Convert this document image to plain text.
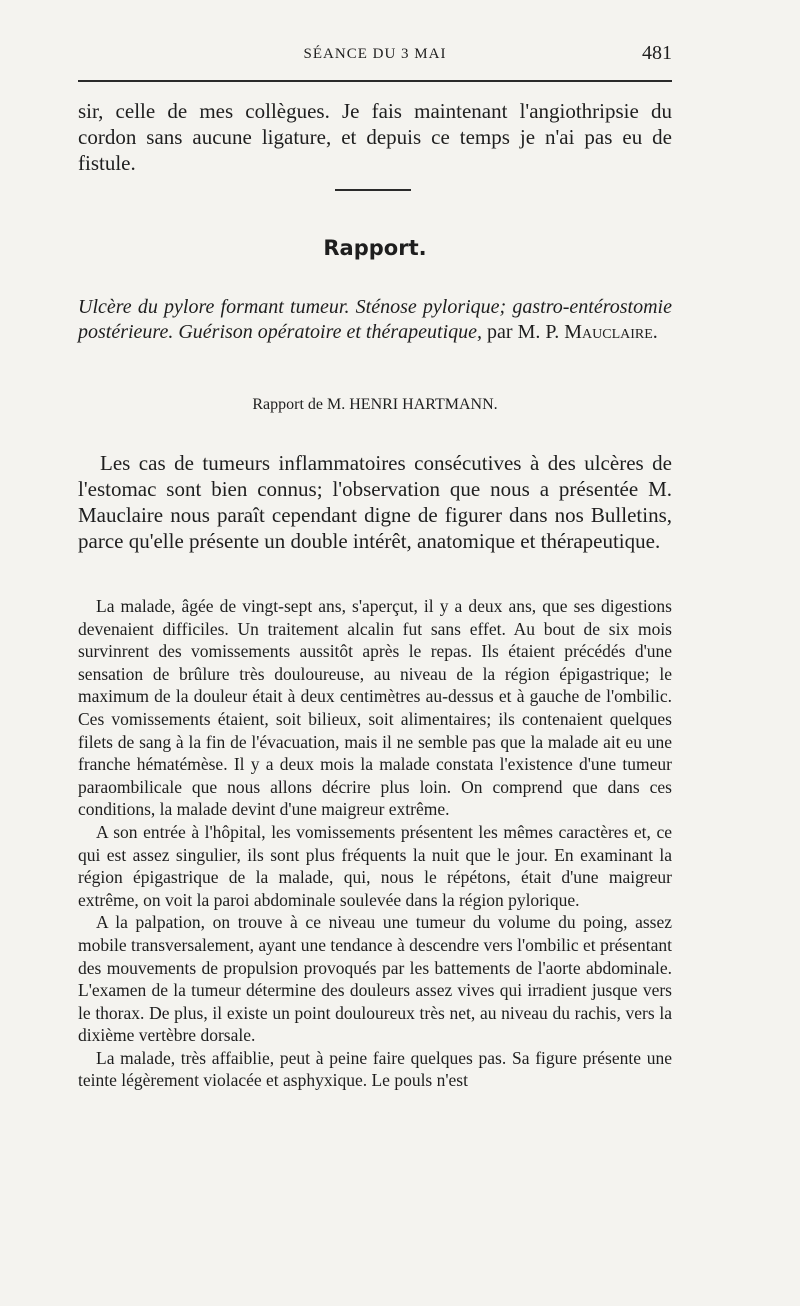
SÉANCE DU 3 MAI	481

sir, celle de mes collègues. Je fais maintenant l'angiothripsie du cordon sans aucune ligature, et depuis ce temps je n'ai pas eu de fistule.

Rapport.
Ulcère du pylore formant tumeur. Sténose pylorique; gastro-entérostomie postérieure. Guérison opératoire et thérapeutique, par M. P. Mauclaire.
Rapport de M. HENRI HARTMANN.

Les cas de tumeurs inflammatoires consécutives à des ulcères de l'estomac sont bien connus; l'observation que nous a présentée M. Mauclaire nous paraît cependant digne de figurer dans nos Bulletins, parce qu'elle présente un double intérêt, anatomique et thérapeutique.

La malade, âgée de vingt-sept ans, s'aperçut, il y a deux ans, que ses digestions devenaient difficiles. Un traitement alcalin fut sans effet. Au bout de six mois survinrent des vomissements aussitôt après le repas. Ils étaient précédés d'une sensation de brûlure très douloureuse, au niveau de la région épigastrique; le maximum de la douleur était à deux centimètres au-dessus et à gauche de l'ombilic. Ces vomissements étaient, soit bilieux, soit alimentaires; ils contenaient quelques filets de sang à la fin de l'évacuation, mais il ne semble pas que la malade ait eu une franche hématémèse. Il y a deux mois la malade constata l'existence d'une tumeur paraombilicale que nous allons décrire plus loin. On comprend que dans ces conditions, la malade devint d'une maigreur extrême.

A son entrée à l'hôpital, les vomissements présentent les mêmes caractères et, ce qui est assez singulier, ils sont plus fréquents la nuit que le jour. En examinant la région épigastrique de la malade, qui, nous le répétons, était d'une maigreur extrême, on voit la paroi abdominale soulevée dans la région pylorique.

A la palpation, on trouve à ce niveau une tumeur du volume du poing, assez mobile transversalement, ayant une tendance à descendre vers l'ombilic et présentant des mouvements de propulsion provoqués par les battements de l'aorte abdominale. L'examen de la tumeur détermine des douleurs assez vives qui irradient jusque vers le thorax. De plus, il existe un point douloureux très net, au niveau du rachis, vers la dixième vertèbre dorsale.

La malade, très affaiblie, peut à peine faire quelques pas. Sa figure présente une teinte légèrement violacée et asphyxique. Le pouls n'est
